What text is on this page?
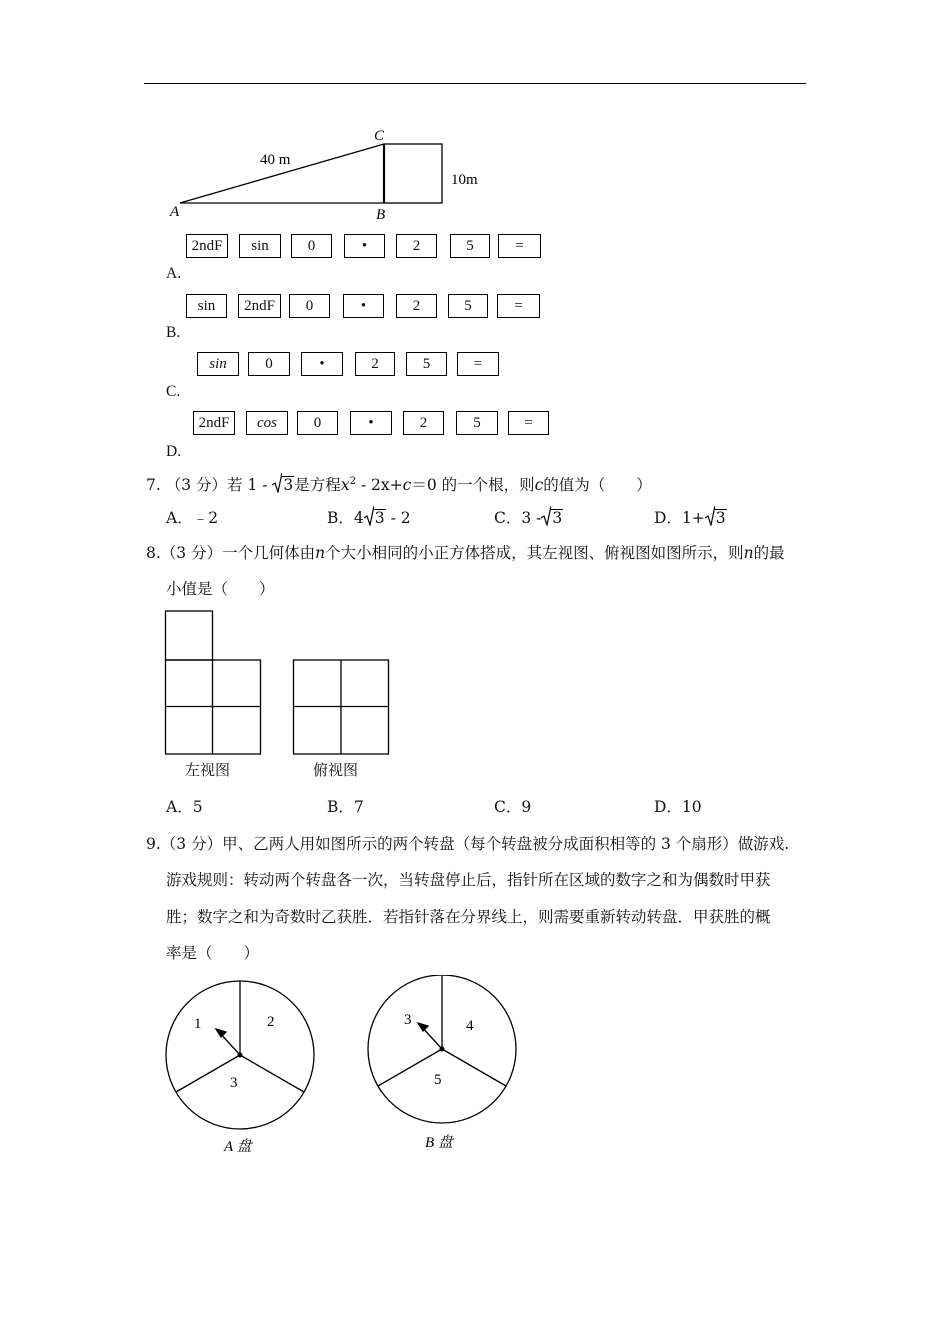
C
A	B
40 m
10m
A.
2ndF	sin	0	•	2	5	=
B.
sin	2ndF	0	•	2	5	=
C.
sin	0	•	2	5	=
D.
2ndF	cos	0	•	2	5	=
7. （3 分）若 1 - 3是方程$x^2 - 2x+c=0$ 的一个根，则c的值为（　　）
A．﹣2	B．4 3 - 2	C．3 - 3	D．1+ 3
8.（3 分）一个几何体由n个大小相同的小正方体搭成，其左视图、俯视图如图所示，则n的最
小值是（　　）
左视图	俯视图
A．5	B．7	C．9	D．10
9.（3 分）甲、乙两人用如图所示的两个转盘（每个转盘被分成面积相等的 3 个扇形）做游戏.
游戏规则：转动两个转盘各一次，当转盘停止后，指针所在区域的数字之和为偶数时甲获
胜；数字之和为奇数时乙获胜．若指针落在分界线上，则需要重新转动转盘．甲获胜的概
率是（　　）
1	2
3
A 盘
3	4
5
B 盘
